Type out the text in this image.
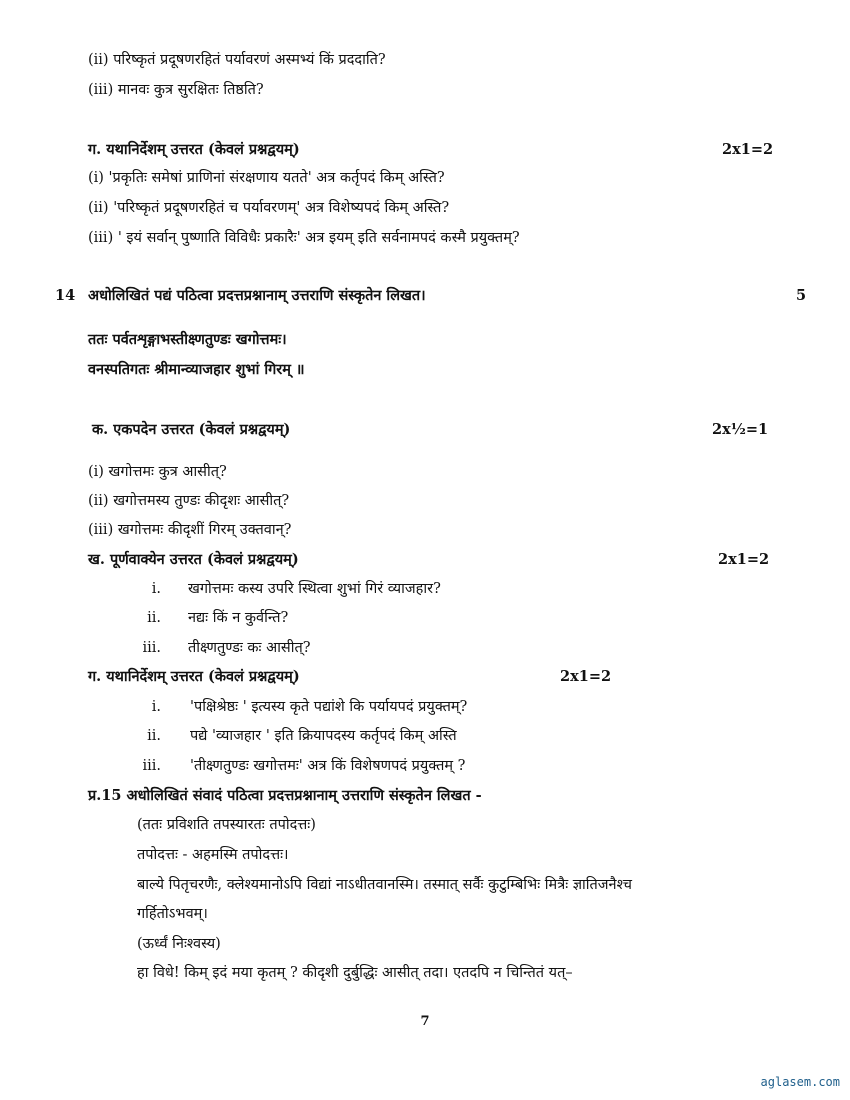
(ii) परिष्कृतं प्रदूषणरहितं पर्यावरणं अस्मभ्यं किं प्रददाति?
(iii) मानवः कुत्र सुरक्षितः तिष्ठति?
ग. यथानिर्देशम् उत्तरत (केवलं प्रश्नद्वयम्)	2x1=2
(i) 'प्रकृतिः समेषां प्राणिनां संरक्षणाय यतते' अत्र कर्तृपदं किम् अस्ति?
(ii) 'परिष्कृतं प्रदूषणरहितं च पर्यावरणम्' अत्र विशेष्यपदं किम् अस्ति?
(iii) ' इयं सर्वान् पुष्णाति विविधैः प्रकारैः' अत्र इयम् इति सर्वनामपदं कस्मै प्रयुक्तम्?
14 अधोलिखितं पद्यं पठित्वा प्रदत्तप्रश्नानाम् उत्तराणि संस्कृतेन लिखत।	5
ततः पर्वतशृङ्गाभस्तीक्ष्णतुण्डः खगोत्तमः।
वनस्पतिगतः श्रीमान्व्याजहार शुभां गिरम् ॥
क. एकपदेन उत्तरत (केवलं प्रश्नद्वयम्)	2x½=1
(i) खगोत्तमः कुत्र आसीत्?
(ii) खगोत्तमस्य तुण्डः कीदृशः आसीत्?
(iii) खगोत्तमः कीदृशीं गिरम् उक्तवान्?
ख. पूर्णवाक्येन उत्तरत (केवलं प्रश्नद्वयम्)	2x1=2
i. खगोत्तमः कस्य उपरि स्थित्वा शुभां गिरं व्याजहार?
ii. नद्यः किं न कुर्वन्ति?
iii. तीक्ष्णतुण्डः कः आसीत्?
ग. यथानिर्देशम् उत्तरत (केवलं प्रश्नद्वयम्)	2x1=2
i. 'पक्षिश्रेष्ठः ' इत्यस्य कृते पद्यांशे कि पर्यायपदं प्रयुक्तम्?
ii. पद्ये 'व्याजहार ' इति क्रियापदस्य कर्तृपदं किम् अस्ति
iii. 'तीक्ष्णतुण्डः खगोत्तमः' अत्र किं विशेषणपदं प्रयुक्तम् ?
प्र.15 अधोलिखितं संवादं पठित्वा प्रदत्तप्रश्नानाम् उत्तराणि संस्कृतेन लिखत -
(ततः प्रविशति तपस्यारतः तपोदत्तः)
तपोदत्तः - अहमस्मि तपोदत्तः।
बाल्ये पितृचरणैः, क्लेश्यमानोऽपि विद्यां नाऽधीतवानस्मि। तस्मात् सर्वैः कुटुम्बिभिः मित्रैः ज्ञातिजनैश्च
गर्हितोऽभवम्।
(ऊर्ध्वं निःश्वस्य)
हा विधे! किम् इदं मया कृतम् ? कीदृशी दुर्बुद्धिः आसीत् तदा। एतदपि न चिन्तितं यत्–
7
aglasem.com
